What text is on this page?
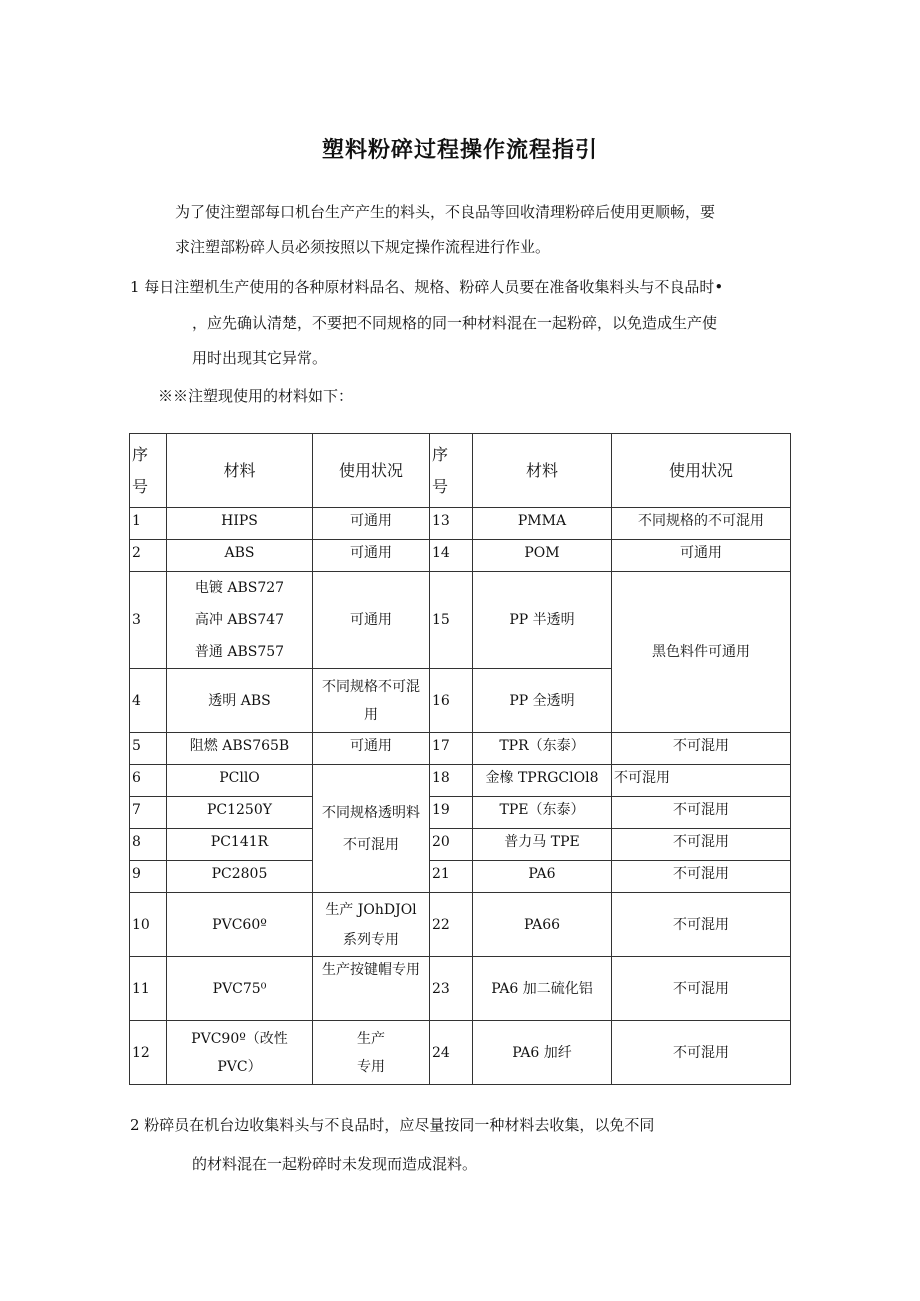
塑料粉碎过程操作流程指引
为了使注塑部每口机台生产产生的料头，不良品等回收清理粉碎后使用更顺畅，要
求注塑部粉碎人员必须按照以下规定操作流程进行作业。
1 每日注塑机生产使用的各种原材料品名、规格、粉碎人员要在准备收集料头与不良品时•
，应先确认清楚，不要把不同规格的同一种材料混在一起粉碎，以免造成生产使
用时出现其它异常。
※※注塑现使用的材料如下：
序
号	材料	使用状况	序
号	材料	使用状况
1	HIPS	可通用	13	PMMA	不同规格的不可混用
2	ABS	可通用	14	POM	可通用
3	电镀 ABS727
高冲 ABS747
普通 ABS757	可通用	15	PP 半透明	黑色料件可通用
4	透明 ABS	不同规格不可混
用	16	PP 全透明	
5	阻燃 ABS765B	可通用	17	TPR（东泰）	不可混用
6	PCllO	不同规格透明料
不可混用	18	金橡 TPRGClOl8	不可混用
7	PC1250Y		19	TPE（东泰）	不可混用
8	PC141R		20	普力马 TPE	不可混用
9	PC2805		21	PA6	不可混用
10	PVC60º	生产 JOhDJOl
系列专用	22	PA66	不可混用
11	PVC75⁰	生产按键帽专用	23	PA6 加二硫化铝	不可混用
12	PVC90º（改性
PVC）	生产
专用	24	PA6 加纤	不可混用
2 粉碎员在机台边收集料头与不良品时，应尽量按同一种材料去收集，以免不同
的材料混在一起粉碎时未发现而造成混料。
